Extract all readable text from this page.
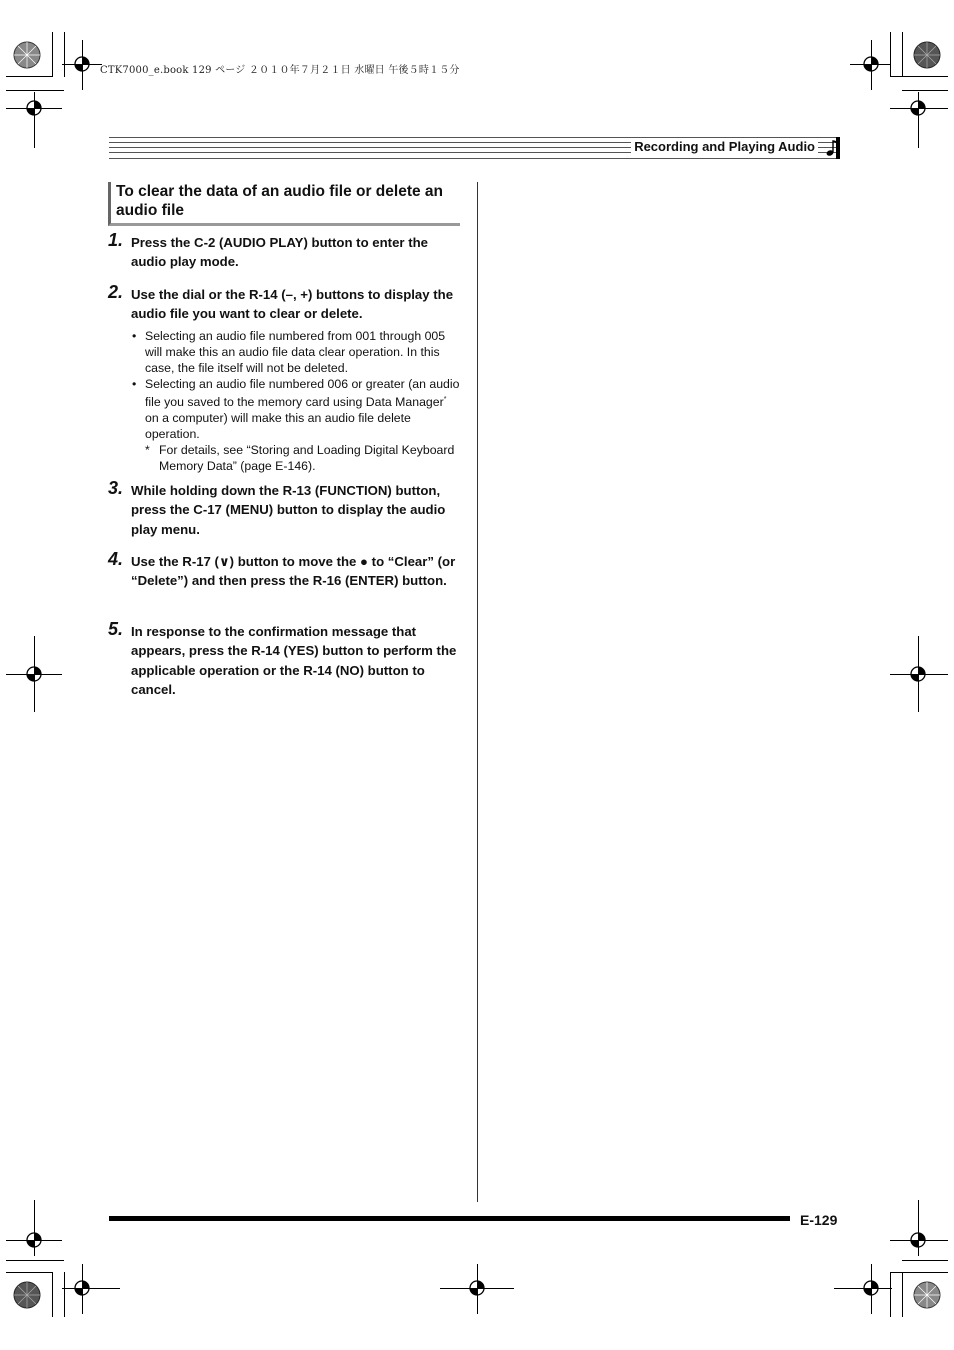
CTK7000_e.book 129 ページ ２０１０年７月２１日 水曜日 午後５時１５分
Recording and Playing Audio
To clear the data of an audio file or delete an audio file
1. Press the C-2 (AUDIO PLAY) button to enter the audio play mode.
2. Use the dial or the R-14 (–, +) buttons to display the audio file you want to clear or delete.
• Selecting an audio file numbered from 001 through 005 will make this an audio file data clear operation. In this case, the file itself will not be deleted.
• Selecting an audio file numbered 006 or greater (an audio file you saved to the memory card using Data Manager* on a computer) will make this an audio file delete operation.
* For details, see “Storing and Loading Digital Keyboard Memory Data” (page E-146).
3. While holding down the R-13 (FUNCTION) button, press the C-17 (MENU) button to display the audio play menu.
4. Use the R-17 (∨) button to move the ● to “Clear” (or “Delete”) and then press the R-16 (ENTER) button.
5. In response to the confirmation message that appears, press the R-14 (YES) button to perform the applicable operation or the R-14 (NO) button to cancel.
E-129
